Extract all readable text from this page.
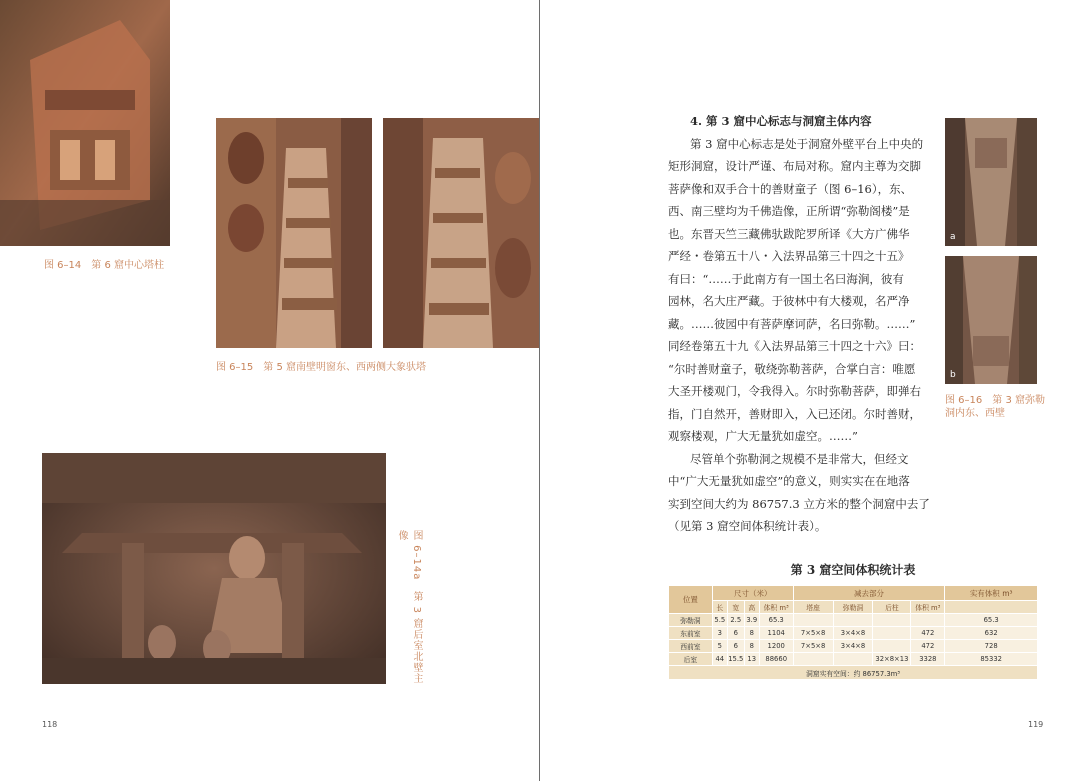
图 6–14　第 6 窟中心塔柱
图 6–15　第 5 窟南壁明窗东、西两侧大象驮塔
图 6–14a　第 3 窟后室北壁主像
118
4. 第 3 窟中心标志与洞窟主体内容
第 3 窟中心标志是处于洞窟外壁平台上中央的
矩形洞窟，设计严谨、布局对称。窟内主尊为交脚
菩萨像和双手合十的善财童子（图 6–16），东、
西、南三壁均为千佛造像，正所谓“弥勒阁楼”是
也。东晋天竺三藏佛驮跋陀罗所译《大方广佛华
严经・卷第五十八・入法界品第三十四之十五》
有曰：“……于此南方有一国土名曰海涧，彼有
园林，名大庄严藏。于彼林中有大楼观，名严净
藏。……彼园中有菩萨摩诃萨，名曰弥勒。……”
同经卷第五十九《入法界品第三十四之十六》曰：
“尔时善财童子，敬绕弥勒菩萨，合掌白言：唯愿
大圣开楼观门，令我得入。尔时弥勒菩萨，即弹右
指，门自然开，善财即入，入已还闭。尔时善财，
观察楼观，广大无量犹如虚空。……”
尽管单个弥勒洞之规模不是非常大，但经文
中“广大无量犹如虚空”的意义，则实实在在地落
实到空间大约为 86757.3 立方米的整个洞窟中去了
（见第 3 窟空间体积统计表）。
a
b
图 6–16　第 3 窟弥勒
洞内东、西壁
第 3 窟空间体积统计表
位置	尺寸（米）				减去部分				实有体积 m³
	长	宽	高	体积 m³	塔座	弥勒洞	后柱	体积 m³	
弥勒洞	5.5	2.5	3.9	65.3					65.3
东前室	3	6	8	1104	7×5×8	3×4×8		472	632
西前室	5	6	8	1200	7×5×8	3×4×8		472	728
后室	44	15.5	13	88660			32×8×13	3328	85332
洞窟实有空间：约 86757.3m³									
119
